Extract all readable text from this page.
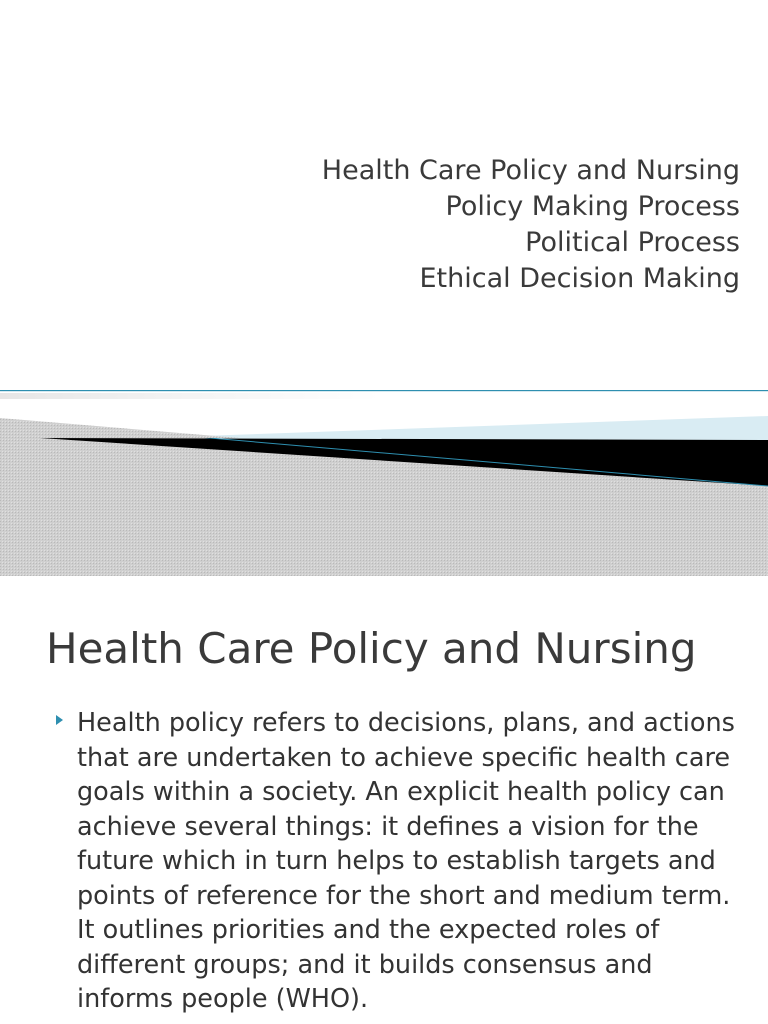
Health Care Policy and Nursing
Policy Making Process
Political Process
Ethical Decision Making
Health Care Policy and Nursing

Health policy refers to decisions, plans, and actions that are undertaken to achieve specific health care goals within a society. An explicit health policy can achieve several things: it defines a vision for the future which in turn helps to establish targets and points of reference for the short and medium term. It outlines priorities and the expected roles of different groups; and it builds consensus and informs people (WHO).
